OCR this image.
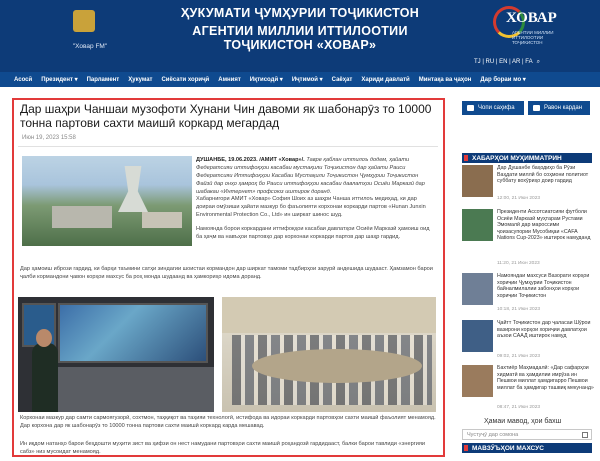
"Ховар FM"
ҲУКУМАТИ ҶУМҲУРИИ ТОҶИКИСТОН
АГЕНТИИ МИЛЛИИ ИТТИЛООТИИ ТОҶИКИСТОН «ХОВАР»
ХОВАР
АГЕНТИИ МИЛЛИИ ИТТИЛООТИИ ТОҶИКИСТОН
TJ | RU | EN | AR | FA ⌕
Асосӣ Президент ▾ Парламент Ҳукумат Сиёсати хориҷӣ Амният Иқтисодӣ ▾ Иҷтимоӣ ▾ Саёҳат Хариди давлатӣ Минтақа ва ҷаҳон Дар бораи мо ▾
Дар шаҳри Чаншаи музофоти Хунани Чин давоми як шабонарӯз то 10000 тонна партови сахти маишӣ коркард мегардад
Июн 19, 2023 15:58
ДУШАНБЕ, 19.06.2023. /АМИТ «Ховар»/. Тавре қаблан иттилоъ додем, ҳайати Федератсияи иттифоқҳои касабаи мустақили Тоҷикистон дар ҳайати Раиси Федератсияи Иттифоқҳои Касабаи Мустақили Тоҷикистон Ҷумҳурии Тоҷикистон Файзӣ дар онҳо ҳамроҳ бо Раиси иттифоқҳои касабаи давлатҳои Осиёи Марказӣ дар шабакаи «Интернет» профсоюз иштирок доранд.
Хабарнигори АМИТ «Ховар» София Шоих аз шаҳри Чанша иттилоъ медиҳад, ки дар доираи омӯзиши ҳайати мазкур бо фаъолияти корхонаи коркарди партов «Hunan Junxin Environmental Protection Co., Ltd» ин ширкат шинос шуд.
Намоянда борои коркардани иттифоқҳои касабаи давлатҳои Осиёи Марказӣ ҳамоиш оид ба ҳаҷм ва навъҳои партовҳо дар корхонаи коркарди партов дар шаҳр гардид.
Дар ҳамоиш ибрози гардид, ки барҳи таъмини сатҳи зиндагии шоистаи кормандон дар ширкат тамоми тадбирҳои зарурӣ андешида шудааст. Ҳамзамон барои ҷалби кормандони ҷавон корҳои махсус ба роҳ монда шудаанд ва ҳамкориҳо идома доранд.
Корхонаи мазкур дар самти сармоягузорӣ, сохтмон, таҳқиқот ва таҳияи технологӣ, истифода ва идораи коркарди партовҳои сахти маишӣ фаъолият менамояд. Дар корхона дар як шабонарӯз то 10000 тонна партови сахти маишӣ коркард карда мешавад.
Ин иқдом натанҳо барои беҳдошти муҳити зист ва ҳифзи он нест намудани партовҳои сахти маишӣ роҳандозӣ гардидааст, балки барои тавлиди «энергияи сабз» низ мусоидат менамояд.
Чопи саҳифа	Равон кардан
ХАБАРҲОИ МУҲИММАТРИН
Дар Душанбе баҳодиҳо ба Рӯзи Ваҳдати миллӣ бо соҳмони политиот суббату вохӯриҳо доир гардид
12:00, 21 Июн 2023
Президенти Ассотсиатсияи футболи Осиёи Марказӣ муҳтарам Рустами Эмомалӣ дар мароссими ҷоизасупории Мусобиқаи «CAFA Nations Cup-2023» иштирок намуданд
11:20, 21 Июн 2023
Намояндаи махсуси Вазорати корҳои хориҷии Ҷумҳурии Тоҷикистон байналмилалии забонҳои корҳои хориҷии Тоҷикистон
10:18, 21 Июн 2023
Ҷайтт Тоҷикистон дар ҷаласаи Шӯрои вазирони корҳои хориҷии давлатҳои аъзои СААД иштирок намуд
09:02, 21 Июн 2023
Бахтиёр Маҳмадалӣ: «Дар сафарҳои хидматӣ ва ҳамдилии имрӯза ин Пешвои миллат ҳамдигарро Пешвои миллат ба ҳамдигар ташвиқ мекунанд»
08:47, 21 Июн 2023
Ҳамаи мавод, ҳои бахш
Чустуҷӯ дар сомона
МАВЗӮЪҲОИ МАХСУС
